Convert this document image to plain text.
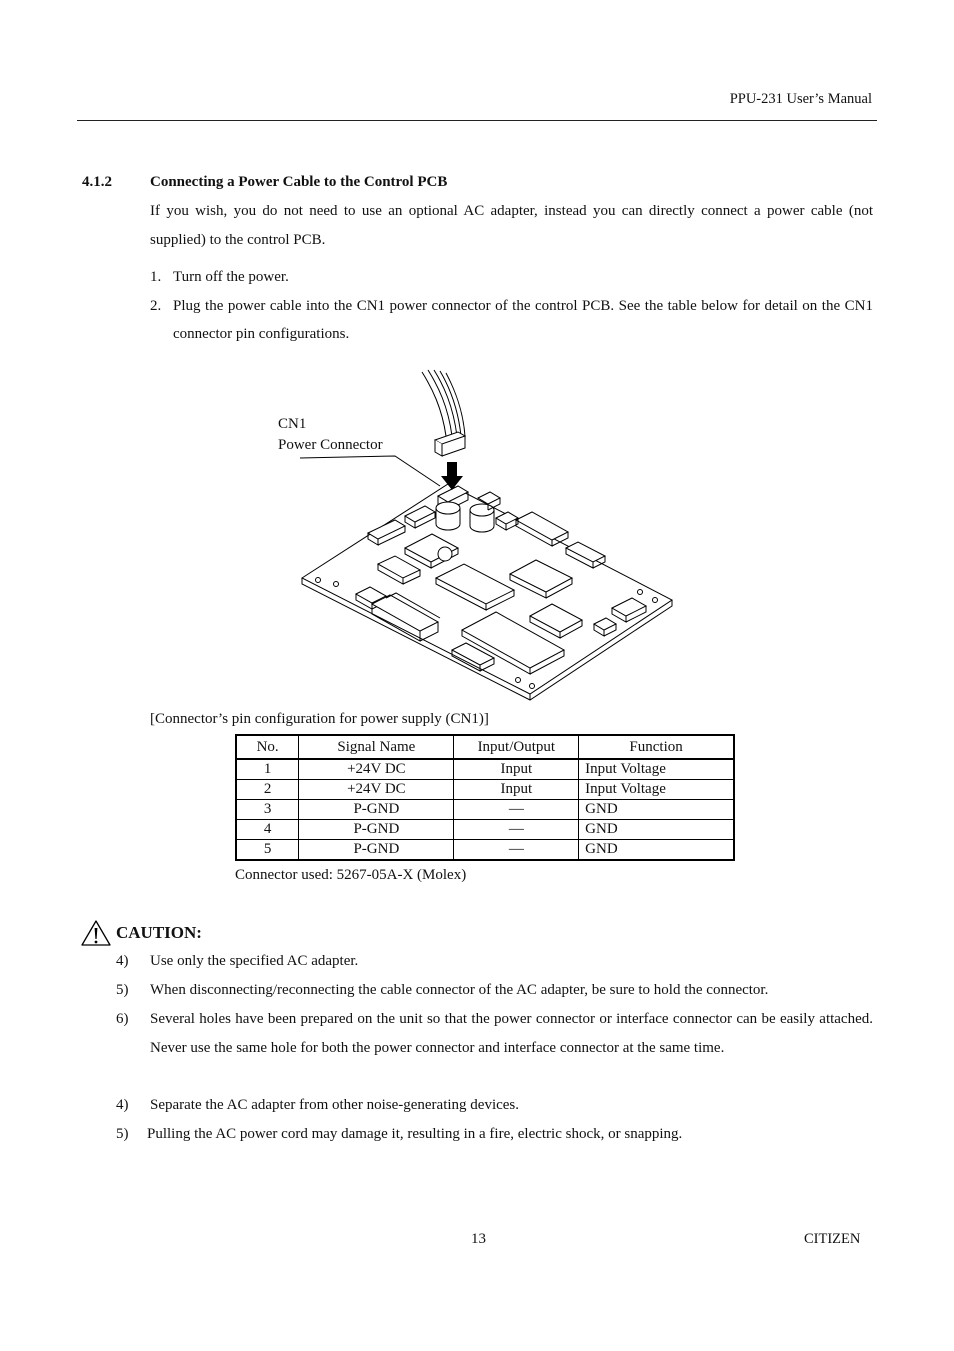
PPU-231 User’s Manual
4.1.2	Connecting a Power Cable to the Control PCB
If you wish, you do not need to use an optional AC adapter, instead you can directly connect a power cable (not supplied) to the control PCB.
1. Turn off the power.
2. Plug the power cable into the CN1 power connector of the control PCB. See the table below for detail on the CN1 connector pin configurations.
CN1
Power Connector
[Connector’s pin configuration for power supply (CN1)]
No.	Signal Name	Input/Output	Function
1	+24V DC	Input	Input Voltage
2	+24V DC	Input	Input Voltage
3	P-GND	—	GND
4	P-GND	—	GND
5	P-GND	—	GND
Connector used: 5267-05A-X (Molex)
CAUTION:
4) Use only the specified AC adapter.
5) When disconnecting/reconnecting the cable connector of the AC adapter, be sure to hold the connector.
6) Several holes have been prepared on the unit so that the power connector or interface connector can be easily attached. Never use the same hole for both the power connector and interface connector at the same time.
4) Separate the AC adapter from other noise-generating devices.
5) Pulling the AC power cord may damage it, resulting in a fire, electric shock, or snapping.
13	CITIZEN
